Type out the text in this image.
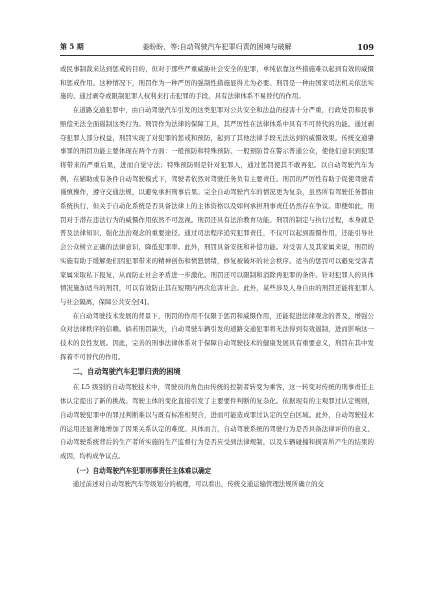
第 5 期	姜盼盼，等:自动驾驶汽车犯罪归责的困境与破解	109

或民事制裁来达到惩戒的目的，但对于那些严重威胁社会安全的犯罪，单纯依靠这些措施难以起到有效的威慑和惩戒作用。这种情况下，刑罚作为一种严厉的强制性措施显得尤为必要。刑罚是一种由国家司法机关依法实施的、通过剥夺或限制犯罪人权利来打击犯罪的手段，具有法律体系不易替代的作用。

在道路交通犯罪中，由自动驾驶汽车引发的这类犯罪对公共安全和法益的侵害十分严重，行政处罚和民事赔偿无法全面遏制这类行为。刑罚作为法律的保障工具，其严厉性在法律体系中具有不可替代的功能。通过剥夺犯罪人部分权益，刑罚实现了对犯罪的惩戒和预防，起到了其他法律手段无法达到的威慑效果。传统交通肇事罪的刑罚功能主要体现在两个方面：一般预防和特殊预防。一般预防旨在警示普通公众，使他们意识到犯罪将带来的严重后果，进而自觉守法；特殊预防则是针对犯罪人，通过惩罚使其不敢再犯。以自动驾驶汽车为例，在辅助或有条件自动驾驶模式下，驾驶者依然对驾驶任务负有主要责任。刑罚的严厉性有助于促使驾驶者谨慎操作，遵守交通法规，以避免承担刑事后果。完全自动驾驶汽车的情况更为复杂，虽然所有驾驶任务都由系统执行，但关于自动化系统是否具备法律上的主体资格以及如何承担刑事责任仍然存在争议。即便如此，刑罚对于潜在违法行为的威慑作用依然不可忽视。刑罚还具有法治教育功能。刑罚的制定与执行过程，本身就是普及法律知识、强化法治观念的重要途径。通过司法程序追究犯罪责任，不仅可以起到震慑作用，还能引导社会公众树立正确的法律意识，降低犯罪率。此外，刑罚具备安抚和补偿功能。对受害人及其家属来说，刑罚的实施有助于缓解他们因犯罪带来的精神创伤和愤怒情绪，修复被破坏的社会秩序。适当的惩罚可以避免受害者家属采取私下报复，从而防止社会矛盾进一步激化。刑罚还可以限制和消除再犯罪的条件。针对犯罪人的具体情况施加适当的刑罚，可以有效防止其在短期内再次危害社会。此外，某些涉及人身自由的刑罚还能将犯罪人与社会隔离，保障公共安全[4]。

在自动驾驶技术发展的背景下，刑罚的作用不仅限于惩罚和威慑作用，还能促进法律观念的普及，增强公众对法律秩序的信赖。倘若刑罚缺失，自动驾驶车辆引发的道路交通犯罪将无法得到有效遏制，进而影响这一技术的良性发展。因此，完善的刑事法律体系对于保障自动驾驶技术的健康发展具有重要意义，刑罚在其中发挥着不可替代的作用。

二、自动驾驶汽车犯罪归责的困境

在 L5 级别的自动驾驶技术中，驾驶员的角色由传统的控制者转变为乘客，这一转变对传统的刑事责任主体认定提出了新的挑战。驾驶主体的变化直接引发了主要要件判断的复杂化。依据现有的主观罪过认定规则，自动驾驶犯罪中的罪过判断难以与既有标准相契合，进而可能造成罪过认定的空白区域。此外，自动驾驶技术的运用还显著地增加了因果关系认定的难度。具体而言，自动驾驶系统的驾驶行为是否具备法律评价的意义、自动驾驶系统背后的生产者所实施的生产监督行为是否应受到法律规制，以及车辆碰撞和损害所产生的结果的成因，均构成争议点。

（一）自动驾驶汽车犯罪刑事责任主体难以确定

通过前述对自动驾驶汽车等级划分的梳理，可以看出，传统交通运输管理法规所确立的交
